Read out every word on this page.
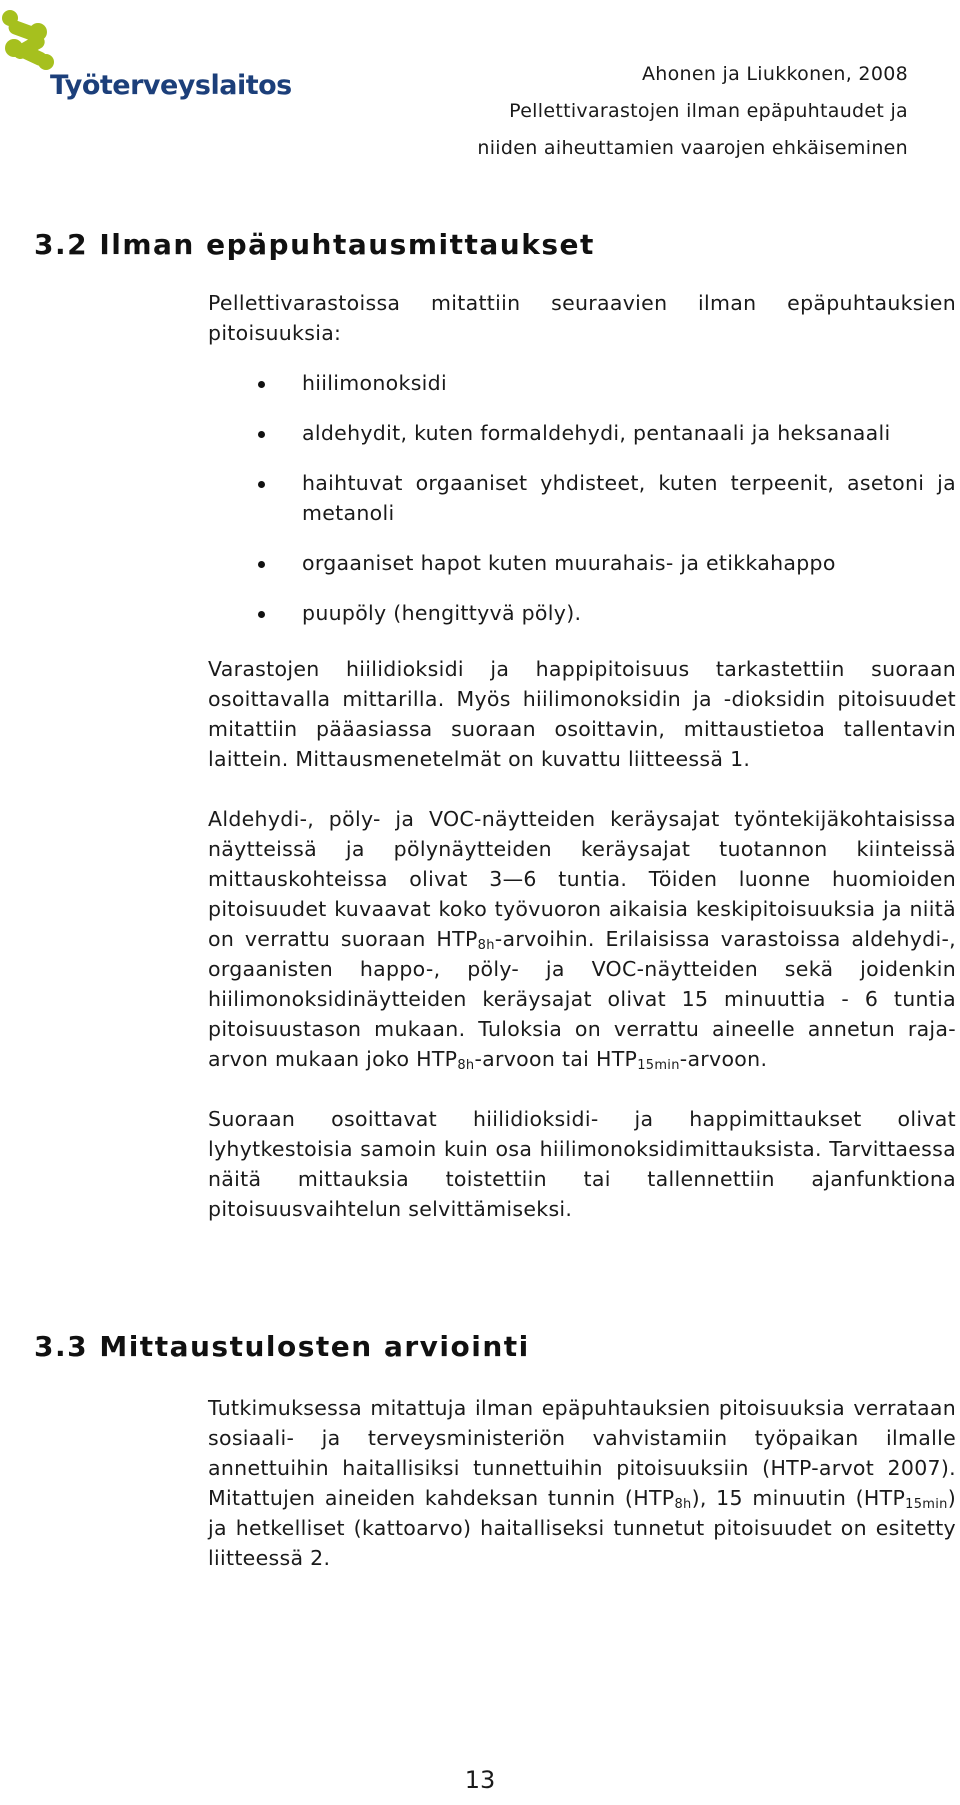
Työterveyslaitos	Ahonen ja Liukkonen, 2008
Pellettivarastojen ilman epäpuhtaudet ja
niiden aiheuttamien vaarojen ehkäiseminen
3.2 Ilman epäpuhtausmittaukset

Pellettivarastoissa mitattiin seuraavien ilman epäpuhtauksien pitoisuuksia:

hiilimonoksidi
aldehydit, kuten formaldehydi, pentanaali ja heksanaali
haihtuvat orgaaniset yhdisteet, kuten terpeenit, asetoni ja metanoli
orgaaniset hapot kuten muurahais- ja etikkahappo
puupöly (hengittyvä pöly).

Varastojen hiilidioksidi ja happipitoisuus tarkastettiin suoraan osoittavalla mittarilla. Myös hiilimonoksidin ja -dioksidin pitoisuudet mitattiin pääasiassa suoraan osoittavin, mittaustietoa tallentavin laittein. Mittausmenetelmät on kuvattu liitteessä 1.

Aldehydi-, pöly- ja VOC-näytteiden keräysajat työntekijäkohtaisissa näytteissä ja pölynäytteiden keräysajat tuotannon kiinteissä mittauskohteissa olivat 3—6 tuntia. Töiden luonne huomioiden pitoisuudet kuvaavat koko työvuoron aikaisia keskipitoisuuksia ja niitä on verrattu suoraan $HTP_{8h}$-arvoihin. Erilaisissa varastoissa aldehydi-, orgaanisten happo-, pöly- ja VOC-näytteiden sekä joidenkin hiilimonoksidinäytteiden keräysajat olivat 15 minuuttia - 6 tuntia pitoisuustason mukaan. Tuloksia on verrattu aineelle annetun raja-arvon mukaan joko $HTP_{8h}$-arvoon tai $HTP_{15min}$-arvoon.

Suoraan osoittavat hiilidioksidi- ja happimittaukset olivat lyhytkestoisia samoin kuin osa hiilimonoksidimittauksista. Tarvittaessa näitä mittauksia toistettiin tai tallennettiin ajanfunktiona pitoisuusvaihtelun selvittämiseksi.

3.3 Mittaustulosten arviointi

Tutkimuksessa mitattuja ilman epäpuhtauksien pitoisuuksia verrataan sosiaali- ja terveysministeriön vahvistamiin työpaikan ilmalle annettuihin haitallisiksi tunnettuihin pitoisuuksiin (HTP-arvot 2007). Mitattujen aineiden kahdeksan tunnin $(HTP_{8h})$, 15 minuutin $(HTP_{15min})$ ja hetkelliset (kattoarvo) haitalliseksi tunnetut pitoisuudet on esitetty liitteessä 2.

13
